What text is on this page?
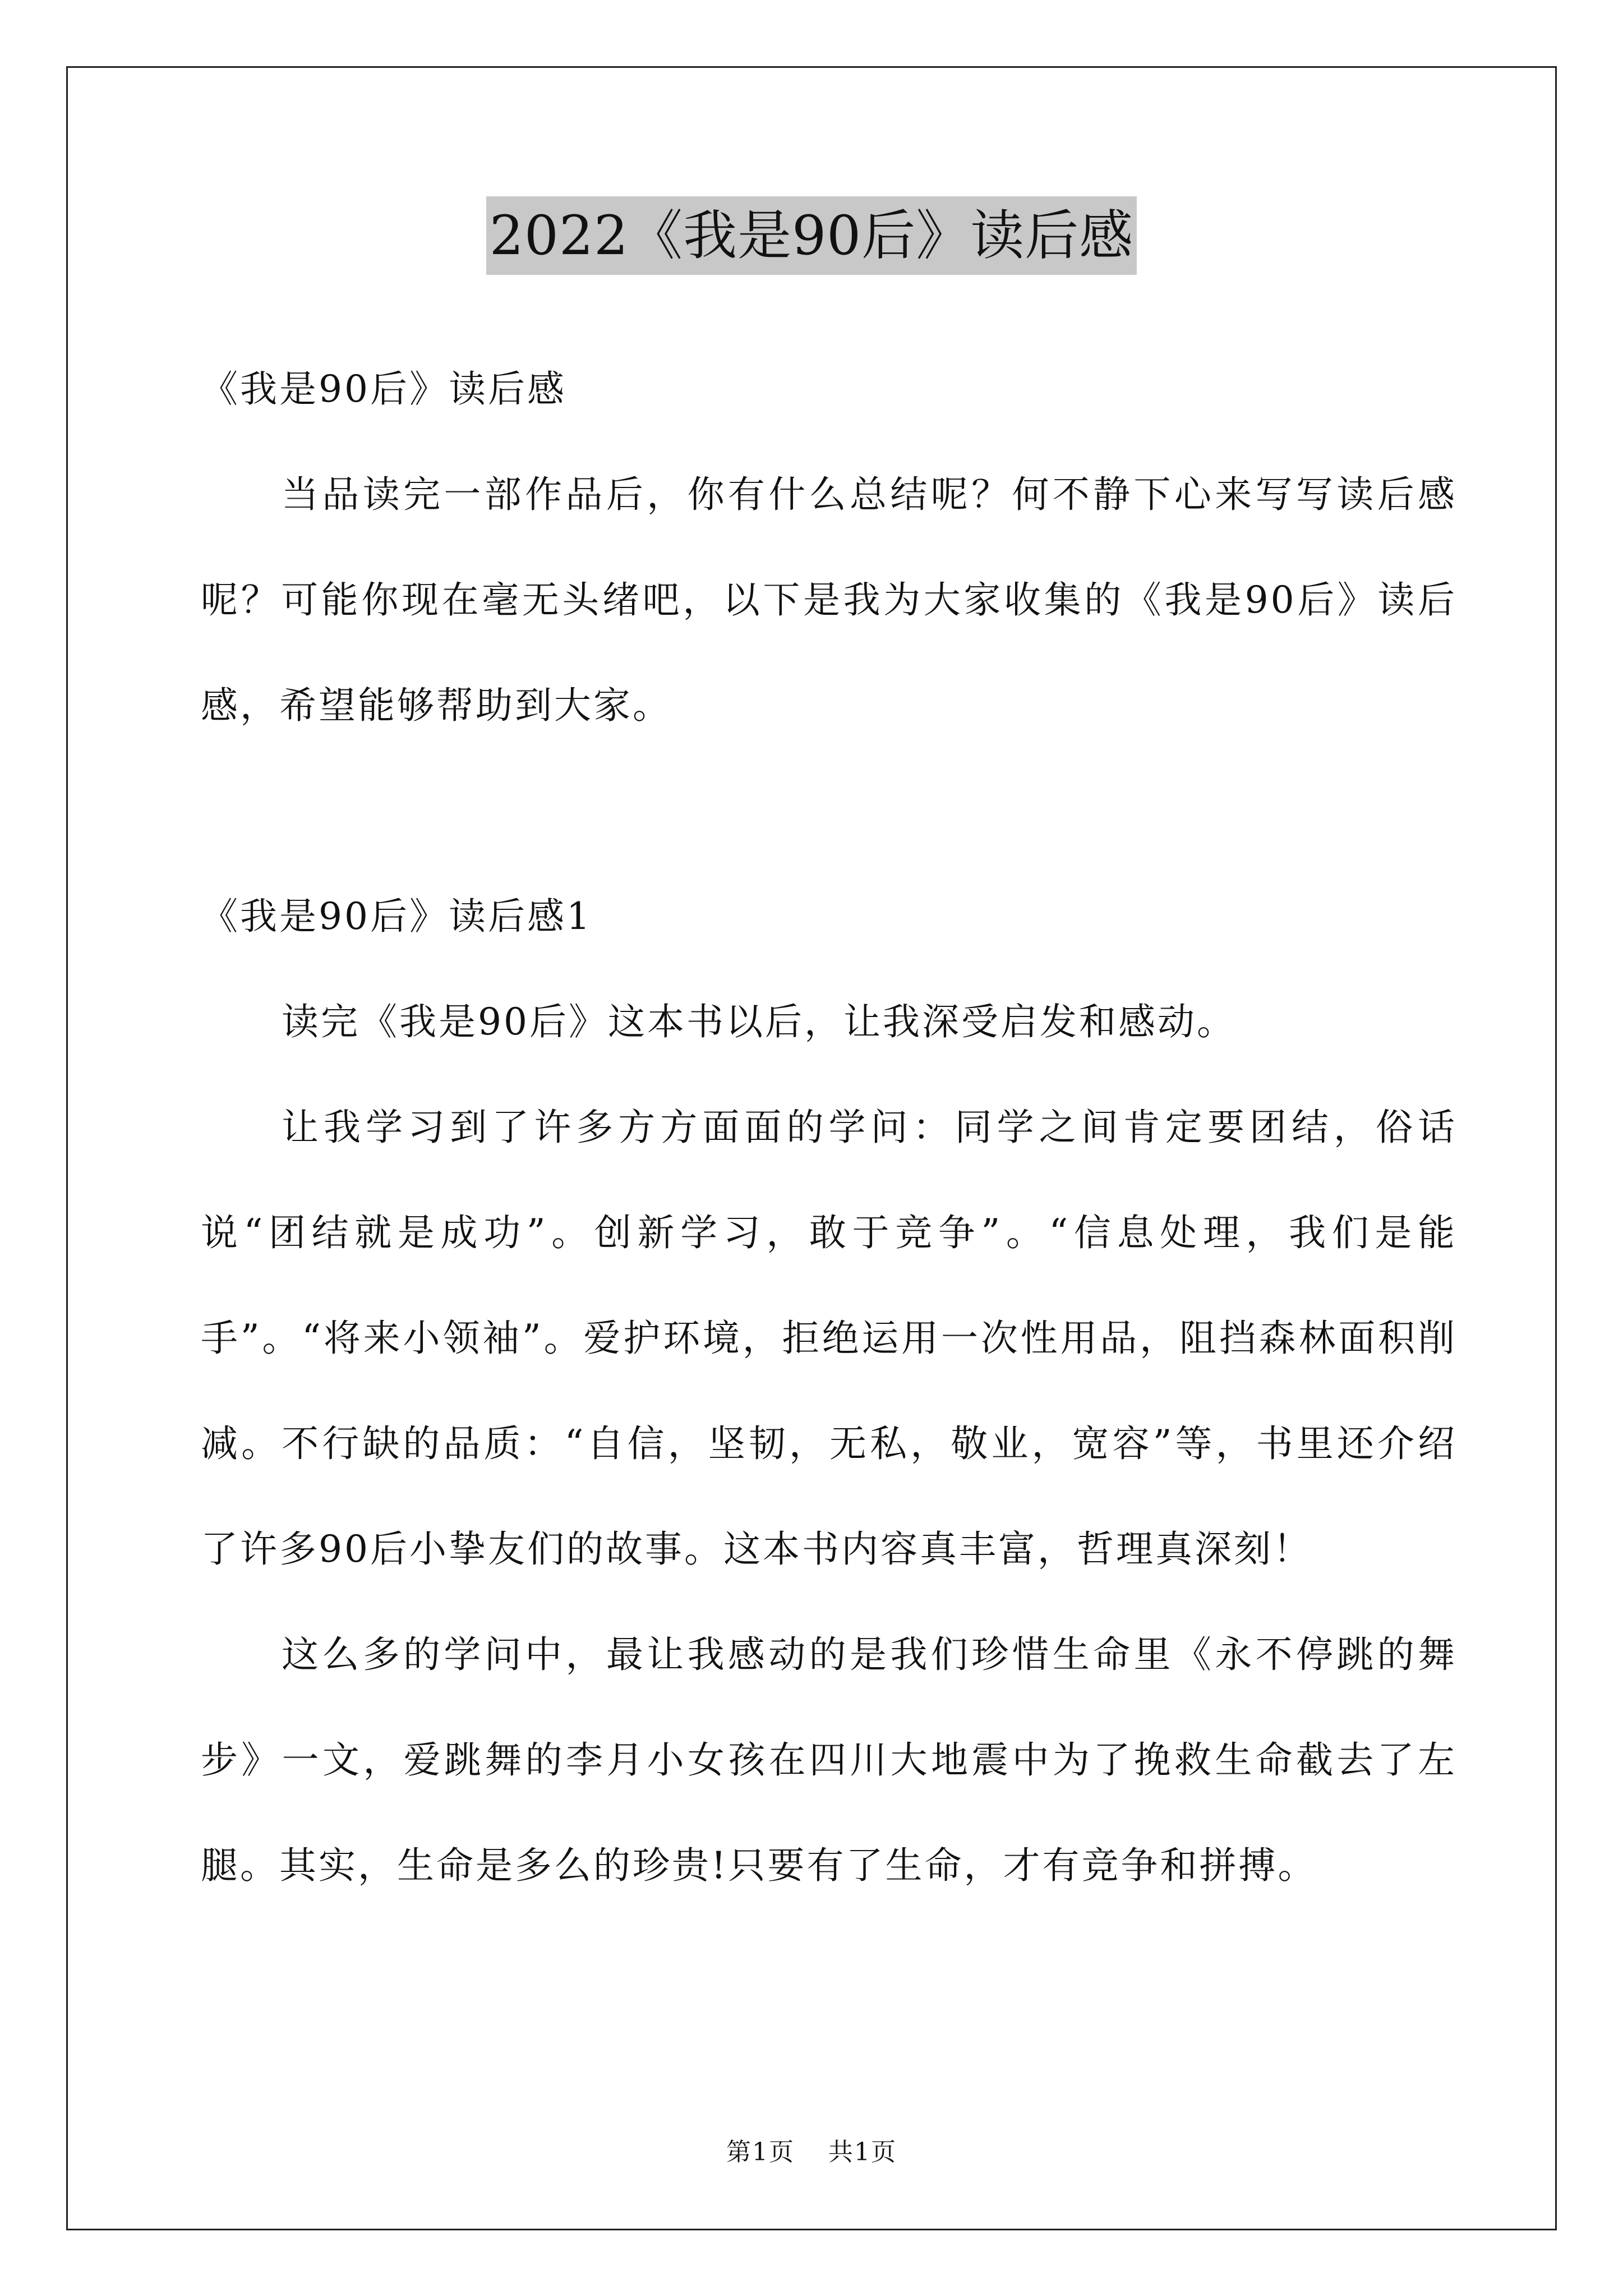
2022《我是90后》读后感

《我是90后》读后感

当品读完一部作品后，你有什么总结呢？何不静下心来写写读后感呢？可能你现在毫无头绪吧，以下是我为大家收集的《我是90后》读后感，希望能够帮助到大家。

《我是90后》读后感1

读完《我是90后》这本书以后，让我深受启发和感动。

让我学习到了许多方方面面的学问：同学之间肯定要团结，俗话说“团结就是成功”。创新学习，敢于竞争”。“信息处理，我们是能手”。“将来小领袖”。爱护环境，拒绝运用一次性用品，阻挡森林面积削减。不行缺的品质：“自信，坚韧，无私，敬业，宽容”等，书里还介绍了许多90后小挚友们的故事。这本书内容真丰富，哲理真深刻！

这么多的学问中，最让我感动的是我们珍惜生命里《永不停跳的舞步》一文，爱跳舞的李月小女孩在四川大地震中为了挽救生命截去了左腿。其实，生命是多么的珍贵!只要有了生命，才有竞争和拼搏。

第1页 共1页
